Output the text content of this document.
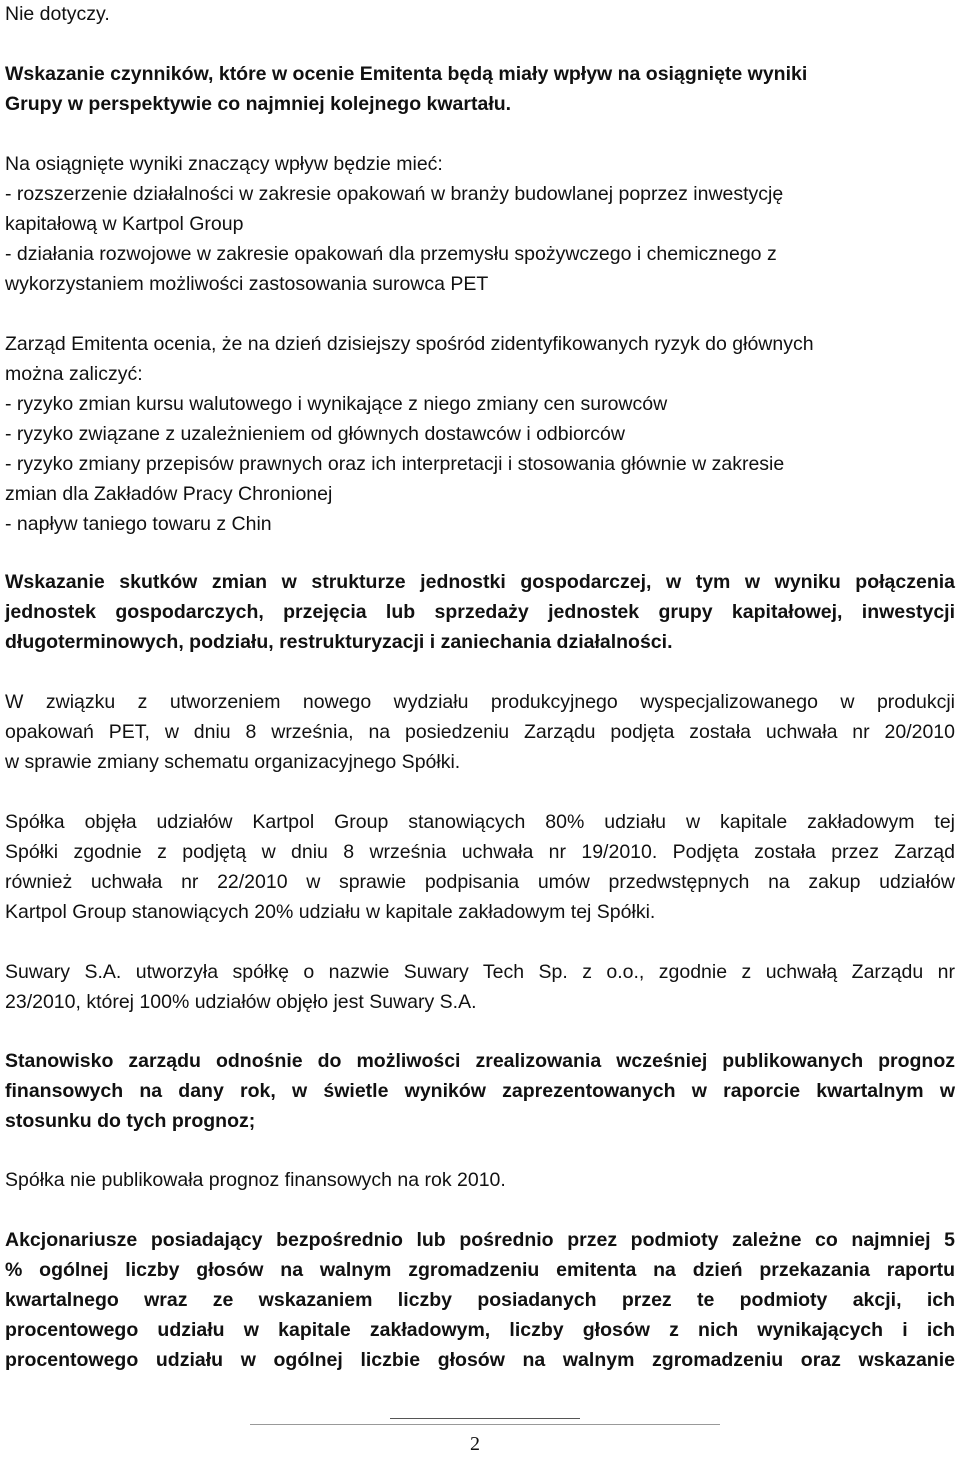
Nie dotyczy.
Wskazanie czynników, które w ocenie Emitenta będą miały wpływ na osiągnięte wyniki
Grupy w perspektywie co najmniej kolejnego kwartału.
Na osiągnięte wyniki znaczący wpływ będzie mieć:
- rozszerzenie działalności w zakresie opakowań w branży budowlanej poprzez inwestycję
kapitałową w Kartpol Group
- działania rozwojowe w zakresie opakowań dla przemysłu spożywczego i chemicznego z
wykorzystaniem możliwości zastosowania surowca PET
Zarząd Emitenta ocenia, że na dzień dzisiejszy spośród zidentyfikowanych ryzyk do głównych
można zaliczyć:
- ryzyko zmian kursu walutowego i wynikające z niego zmiany cen surowców
- ryzyko związane z uzależnieniem od głównych dostawców i odbiorców
- ryzyko zmiany przepisów prawnych oraz ich interpretacji i stosowania głównie w zakresie
zmian dla Zakładów Pracy Chronionej
- napływ taniego towaru z Chin
Wskazanie skutków zmian w strukturze jednostki gospodarczej, w tym w wyniku połączenia
jednostek gospodarczych, przejęcia lub sprzedaży jednostek grupy kapitałowej, inwestycji
długoterminowych, podziału, restrukturyzacji i zaniechania działalności.
W związku z utworzeniem nowego wydziału produkcyjnego wyspecjalizowanego w produkcji
opakowań PET, w dniu 8 września, na posiedzeniu Zarządu podjęta została uchwała nr 20/2010
w sprawie zmiany schematu organizacyjnego Spółki.
Spółka objęła udziałów Kartpol Group stanowiących 80% udziału w kapitale zakładowym tej
Spółki zgodnie z podjętą w dniu 8 września uchwała nr 19/2010. Podjęta została przez Zarząd
również uchwała nr 22/2010 w sprawie podpisania umów przedwstępnych na zakup udziałów
Kartpol Group stanowiących 20% udziału w kapitale zakładowym tej Spółki.
Suwary S.A. utworzyła spółkę o nazwie Suwary Tech Sp. z o.o., zgodnie z uchwałą Zarządu nr
23/2010, której 100% udziałów objęło jest Suwary S.A.
Stanowisko zarządu odnośnie do możliwości zrealizowania wcześniej publikowanych prognoz
finansowych na dany rok, w świetle wyników zaprezentowanych w raporcie kwartalnym w
stosunku do tych prognoz;
Spółka nie publikowała prognoz finansowych na rok 2010.
Akcjonariusze posiadający bezpośrednio lub pośrednio przez podmioty zależne co najmniej 5
% ogólnej liczby głosów na walnym zgromadzeniu emitenta na dzień przekazania raportu
kwartalnego wraz ze wskazaniem liczby posiadanych przez te podmioty akcji, ich
procentowego udziału w kapitale zakładowym, liczby głosów z nich wynikających i ich
procentowego udziału w ogólnej liczbie głosów na walnym zgromadzeniu oraz wskazanie
2
